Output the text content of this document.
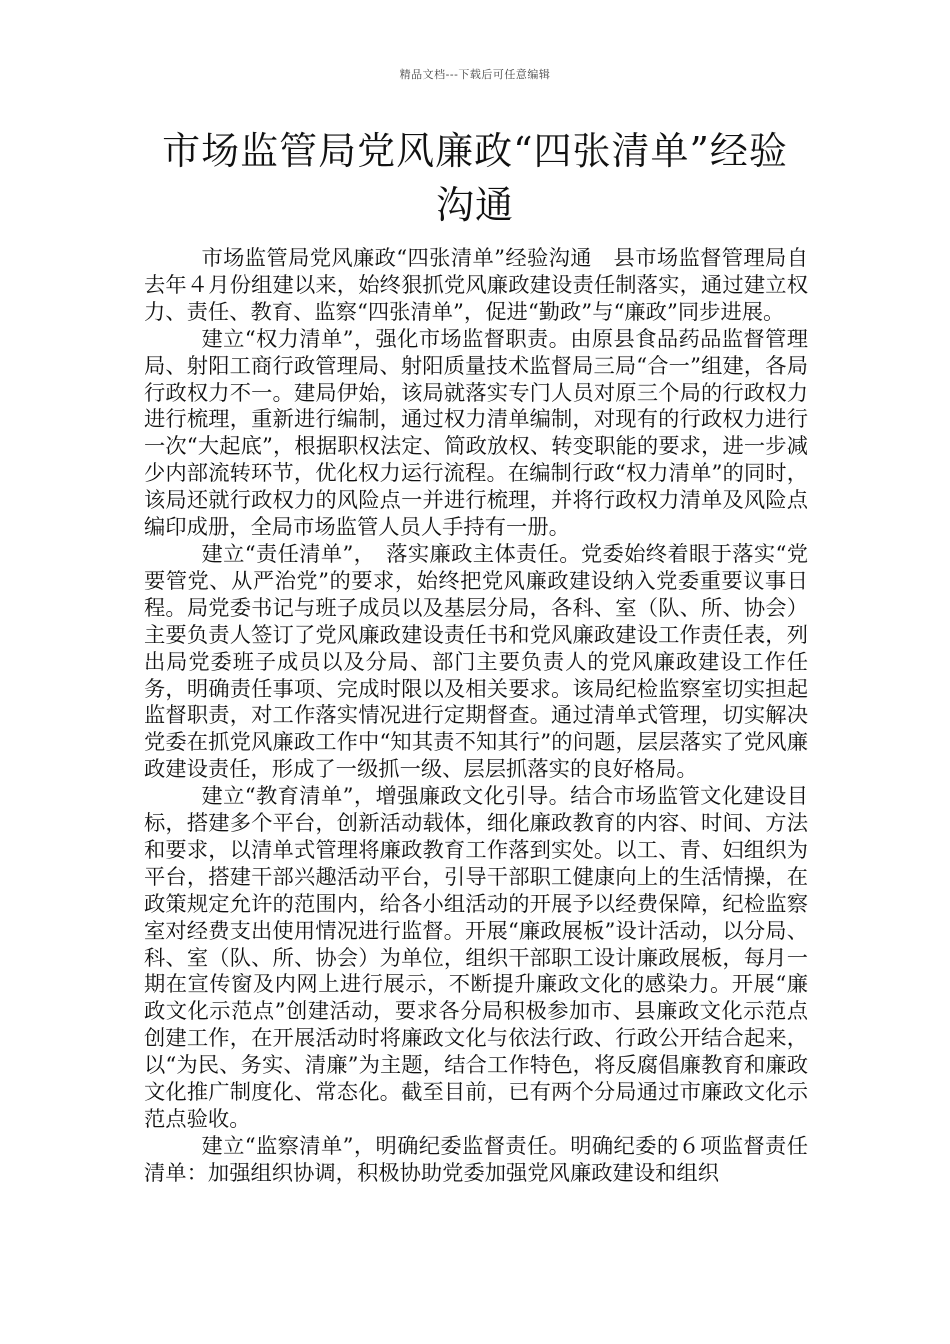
精品文档---下载后可任意编辑
市场监管局党风廉政“四张清单”经验沟通

市场监管局党风廉政“四张清单”经验沟通　县市场监督管理局自去年４月份组建以来，始终狠抓党风廉政建设责任制落实，通过建立权力、责任、教育、监察“四张清单”，促进“勤政”与“廉政”同步进展。

建立“权力清单”，强化市场监督职责。由原县食品药品监督管理局、射阳工商行政管理局、射阳质量技术监督局三局“合一”组建，各局行政权力不一。建局伊始，该局就落实专门人员对原三个局的行政权力进行梳理，重新进行编制，通过权力清单编制，对现有的行政权力进行一次“大起底”，根据职权法定、简政放权、转变职能的要求，进一步减少内部流转环节，优化权力运行流程。在编制行政“权力清单”的同时，该局还就行政权力的风险点一并进行梳理，并将行政权力清单及风险点编印成册，全局市场监管人员人手持有一册。

建立“责任清单”，　落实廉政主体责任。党委始终着眼于落实“党要管党、从严治党”的要求，始终把党风廉政建设纳入党委重要议事日程。局党委书记与班子成员以及基层分局，各科、室（队、所、协会）主要负责人签订了党风廉政建设责任书和党风廉政建设工作责任表，列出局党委班子成员以及分局、部门主要负责人的党风廉政建设工作任务，明确责任事项、完成时限以及相关要求。该局纪检监察室切实担起监督职责，对工作落实情况进行定期督查。通过清单式管理，切实解决党委在抓党风廉政工作中“知其责不知其行”的问题，层层落实了党风廉政建设责任，形成了一级抓一级、层层抓落实的良好格局。

建立“教育清单”，增强廉政文化引导。结合市场监管文化建设目标，搭建多个平台，创新活动载体，细化廉政教育的内容、时间、方法和要求，以清单式管理将廉政教育工作落到实处。以工、青、妇组织为平台，搭建干部兴趣活动平台，引导干部职工健康向上的生活情操，在政策规定允许的范围内，给各小组活动的开展予以经费保障，纪检监察室对经费支出使用情况进行监督。开展“廉政展板”设计活动，以分局、科、室（队、所、协会）为单位，组织干部职工设计廉政展板，每月一期在宣传窗及内网上进行展示，不断提升廉政文化的感染力。开展“廉政文化示范点”创建活动，要求各分局积极参加市、县廉政文化示范点创建工作，在开展活动时将廉政文化与依法行政、行政公开结合起来，以“为民、务实、清廉”为主题，结合工作特色，将反腐倡廉教育和廉政文化推广制度化、常态化。截至目前，已有两个分局通过市廉政文化示范点验收。

建立“监察清单”，明确纪委监督责任。明确纪委的６项监督责任清单：加强组织协调，积极协助党委加强党风廉政建设和组织
